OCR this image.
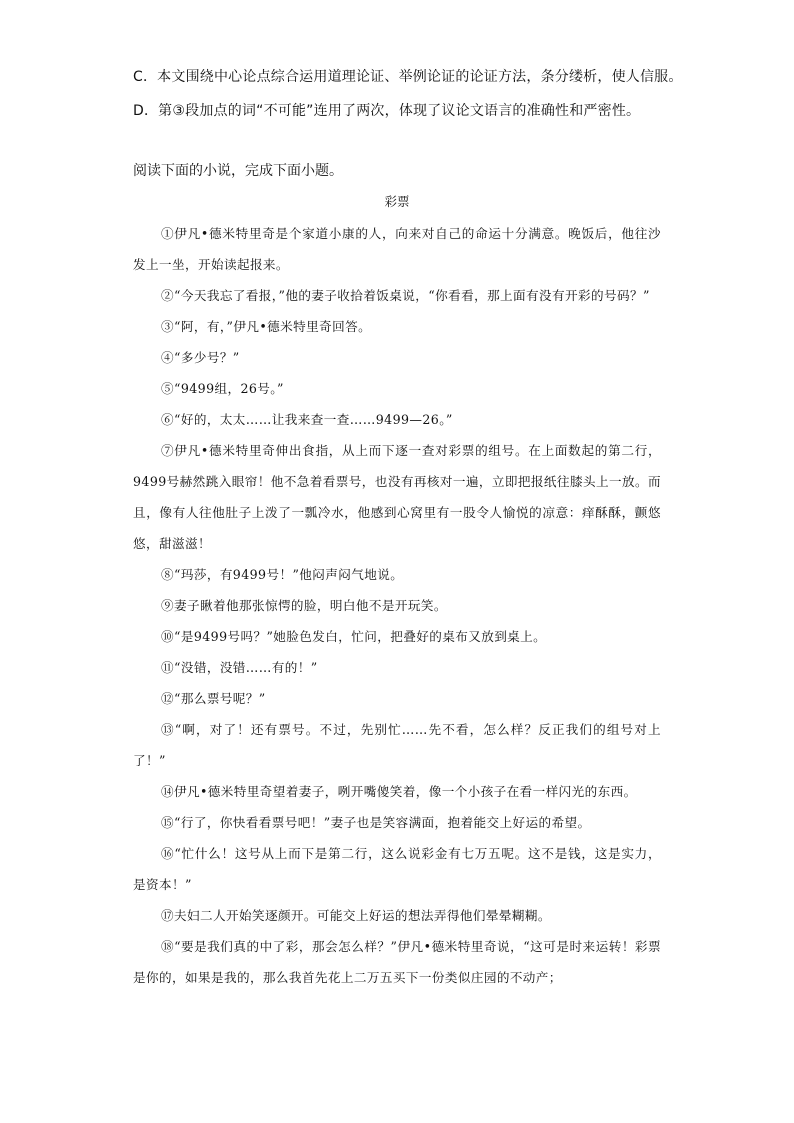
C．本文围绕中心论点综合运用道理论证、举例论证的论证方法，条分缕析，使人信服。
D．第③段加点的词“不可能”连用了两次，体现了议论文语言的准确性和严密性。
阅读下面的小说，完成下面小题。
彩票

①伊凡•德米特里奇是个家道小康的人，向来对自己的命运十分满意。晚饭后，他往沙发上一坐，开始读起报来。

②“今天我忘了看报，”他的妻子收拾着饭桌说，“你看看，那上面有没有开彩的号码？”

③“阿，有，”伊凡•德米特里奇回答。

④“多少号？”

⑤“9499组，26号。”

⑥“好的，太太……让我来查一查……9499—26。”

⑦伊凡•德米特里奇伸出食指，从上而下逐一查对彩票的组号。在上面数起的第二行，9499号赫然跳入眼帘！他不急着看票号，也没有再核对一遍，立即把报纸往膝头上一放。而且，像有人往他肚子上泼了一瓢冷水，他感到心窝里有一股令人愉悦的凉意：痒酥酥，颤悠悠，甜滋滋！

⑧“玛莎，有9499号！”他闷声闷气地说。

⑨妻子瞅着他那张惊愕的脸，明白他不是开玩笑。

⑩“是9499号吗？”她脸色发白，忙问，把叠好的桌布又放到桌上。

⑪“没错，没错……有的！”

⑫“那么票号呢？”

⑬“啊，对了！还有票号。不过，先别忙……先不看，怎么样？反正我们的组号对上了！”

⑭伊凡•德米特里奇望着妻子，咧开嘴傻笑着，像一个小孩子在看一样闪光的东西。

⑮“行了，你快看看票号吧！”妻子也是笑容满面，抱着能交上好运的希望。

⑯“忙什么！这号从上而下是第二行，这么说彩金有七万五呢。这不是钱，这是实力，是资本！”

⑰夫妇二人开始笑逐颜开。可能交上好运的想法弄得他们晕晕糊糊。

⑱“要是我们真的中了彩，那会怎么样？”伊凡•德米特里奇说，“这可是时来运转！彩票是你的，如果是我的，那么我首先花上二万五买下一份类似庄园的不动产；
